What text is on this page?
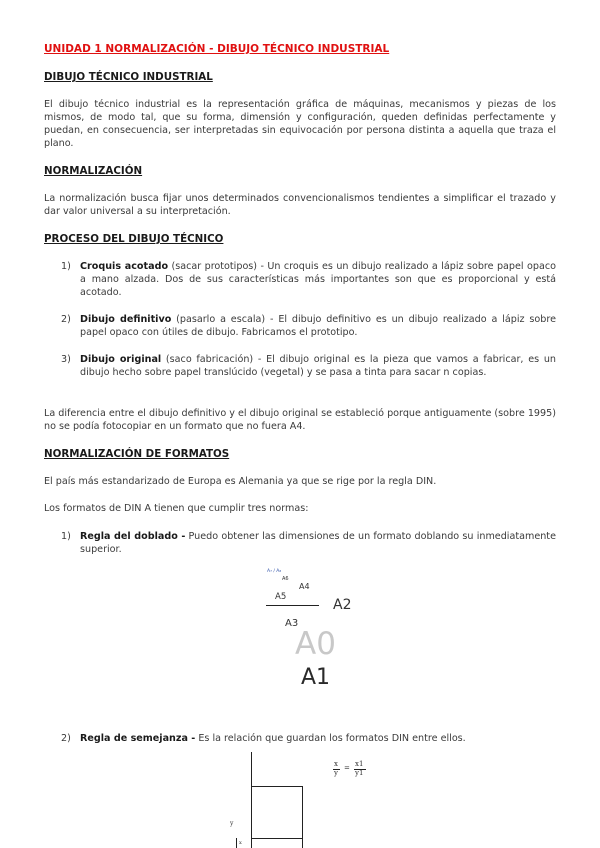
UNIDAD 1 NORMALIZACIÓN - DIBUJO TÉCNICO INDUSTRIAL
DIBUJO TÉCNICO INDUSTRIAL

El dibujo técnico industrial es la representación gráfica de máquinas, mecanismos y piezas de los mismos, de modo tal, que su forma, dimensión y configuración, queden definidas perfectamente y puedan, en consecuencia, ser interpretadas sin equivocación por persona distinta a aquella que traza el plano.

NORMALIZACIÓN

La normalización busca fijar unos determinados convencionalismos tendientes a simplificar el trazado y dar valor universal a su interpretación.

PROCESO DEL DIBUJO TÉCNICO
1) Croquis acotado (sacar prototipos) - Un croquis es un dibujo realizado a lápiz sobre papel opaco a mano alzada. Dos de sus características más importantes son que es proporcional y está acotado.
2) Dibujo definitivo (pasarlo a escala) - El dibujo definitivo es un dibujo realizado a lápiz sobre papel opaco con útiles de dibujo. Fabricamos el prototipo.
3) Dibujo original (saco fabricación) - El dibujo original es la pieza que vamos a fabricar, es un dibujo hecho sobre papel translúcido (vegetal) y se pasa a tinta para sacar n copias.

La diferencia entre el dibujo definitivo y el dibujo original se estableció porque antiguamente (sobre 1995) no se podía fotocopiar en un formato que no fuera A4.

NORMALIZACIÓN DE FORMATOS

El país más estandarizado de Europa es Alemania ya que se rige por la regla DIN.

Los formatos de DIN A tienen que cumplir tres normas:

1) Regla del doblado - Puedo obtener las dimensiones de un formato doblando su inmediatamente superior.
A₇ / A₈
A6
A4
A5	A2
A3
A0
A1
2) Regla de semejanza - Es la relación que guardan los formatos DIN entre ellos.
y
x
x
y
= x1
y1
